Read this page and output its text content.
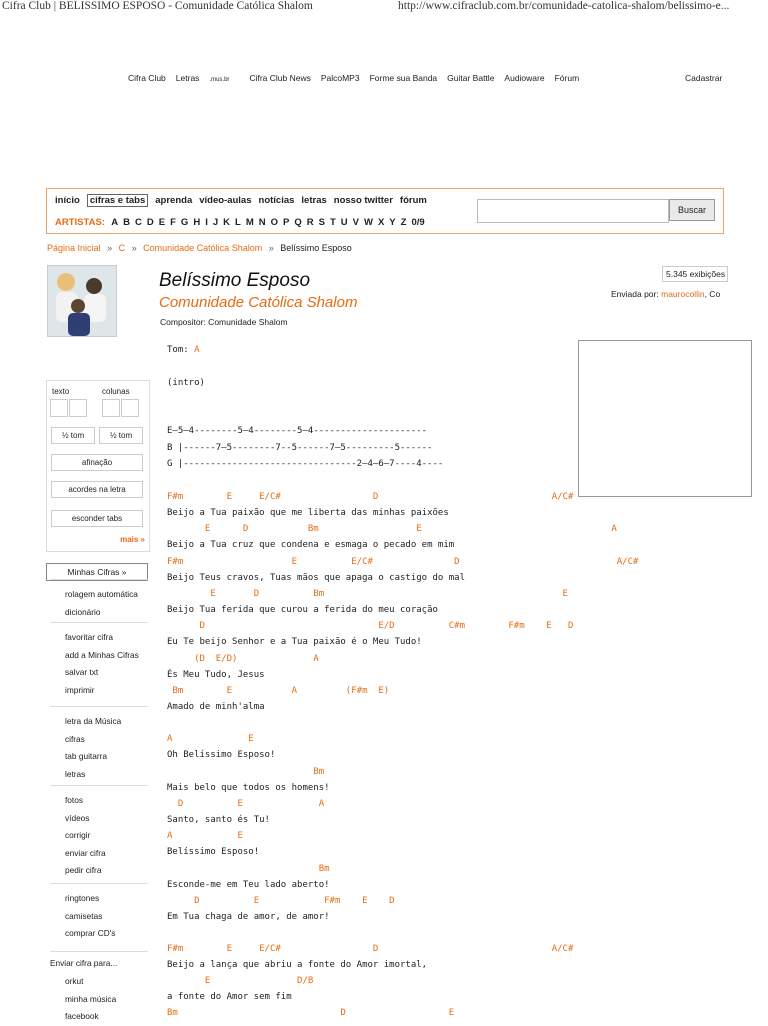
Cifra Club | BELISSIMO ESPOSO - Comunidade Católica Shalom	http://www.cifraclub.com.br/comunidade-catolica-shalom/belissimo-e...
Cifra Club Letras .mus.br Cifra Club News PalcoMP3 Forme sua Banda Guitar Battle Audioware Fórum	Cadastrar
início cifras e tabs aprenda vídeo-aulas notícias letras nosso twitter fórum
ARTISTAS: A B C D E F G H I J K L M N O P Q R S T U V W X Y Z 0/9
Buscar
Página Inicial » C » Comunidade Católica Shalom » Belíssimo Esposo
Belíssimo Esposo
Comunidade Católica Shalom
Compositor: Comunidade Shalom
5.345 exibições
Enviada por: maurocollin, Co
texto	colunas
½ tom	½ tom
afinação
acordes na letra
esconder tabs
mais »
Minhas Cifras »
rolagem automática
dicionário
favoritar cifra
add a Minhas Cifras
salvar txt
imprimir
letra da Música
cifras
tab guitarra
letras
fotos
vídeos
corrigir
enviar cifra
pedir cifra
ringtones
camisetas
comprar CD's
Enviar cifra para...
orkut
minha música
facebook
Tom: A
(intro)
E—5—4--------5—4--------5—4---------------------
B |------7—5--------7--5------7—5---------5------
G |--------------------------------2—4—6—7----4----
F#m        E     E/C#                 D                                A/C#
Beijo a Tua paixão que me liberta das minhas paixões
E      D           Bm                  E                                   A
Beijo a Tua cruz que condena e esmaga o pecado em mim
F#m                    E          E/C#               D                             A/C#
Beijo Teus cravos, Tuas mãos que apaga o castigo do mal
E       D          Bm                                            E
Beijo Tua ferida que curou a ferida do meu coração
D                                E/D          C#m        F#m    E   D
Eu Te beijo Senhor e a Tua paixão é o Meu Tudo!
(D  E/D)              A
És Meu Tudo, Jesus
Bm        E           A         (F#m  E)
Amado de minh'alma
A              E
Oh Belíssimo Esposo!
Bm
Mais belo que todos os homens!
D          E              A
Santo, santo és Tu!
A            E
Belíssimo Esposo!
Bm
Esconde-me em Teu lado aberto!
D          E            F#m    E    D
Em Tua chaga de amor, de amor!
F#m        E     E/C#                 D                                A/C#
Beijo a lança que abriu a fonte do Amor imortal,
E                D/B
a fonte do Amor sem fim
Bm                              D                   E
